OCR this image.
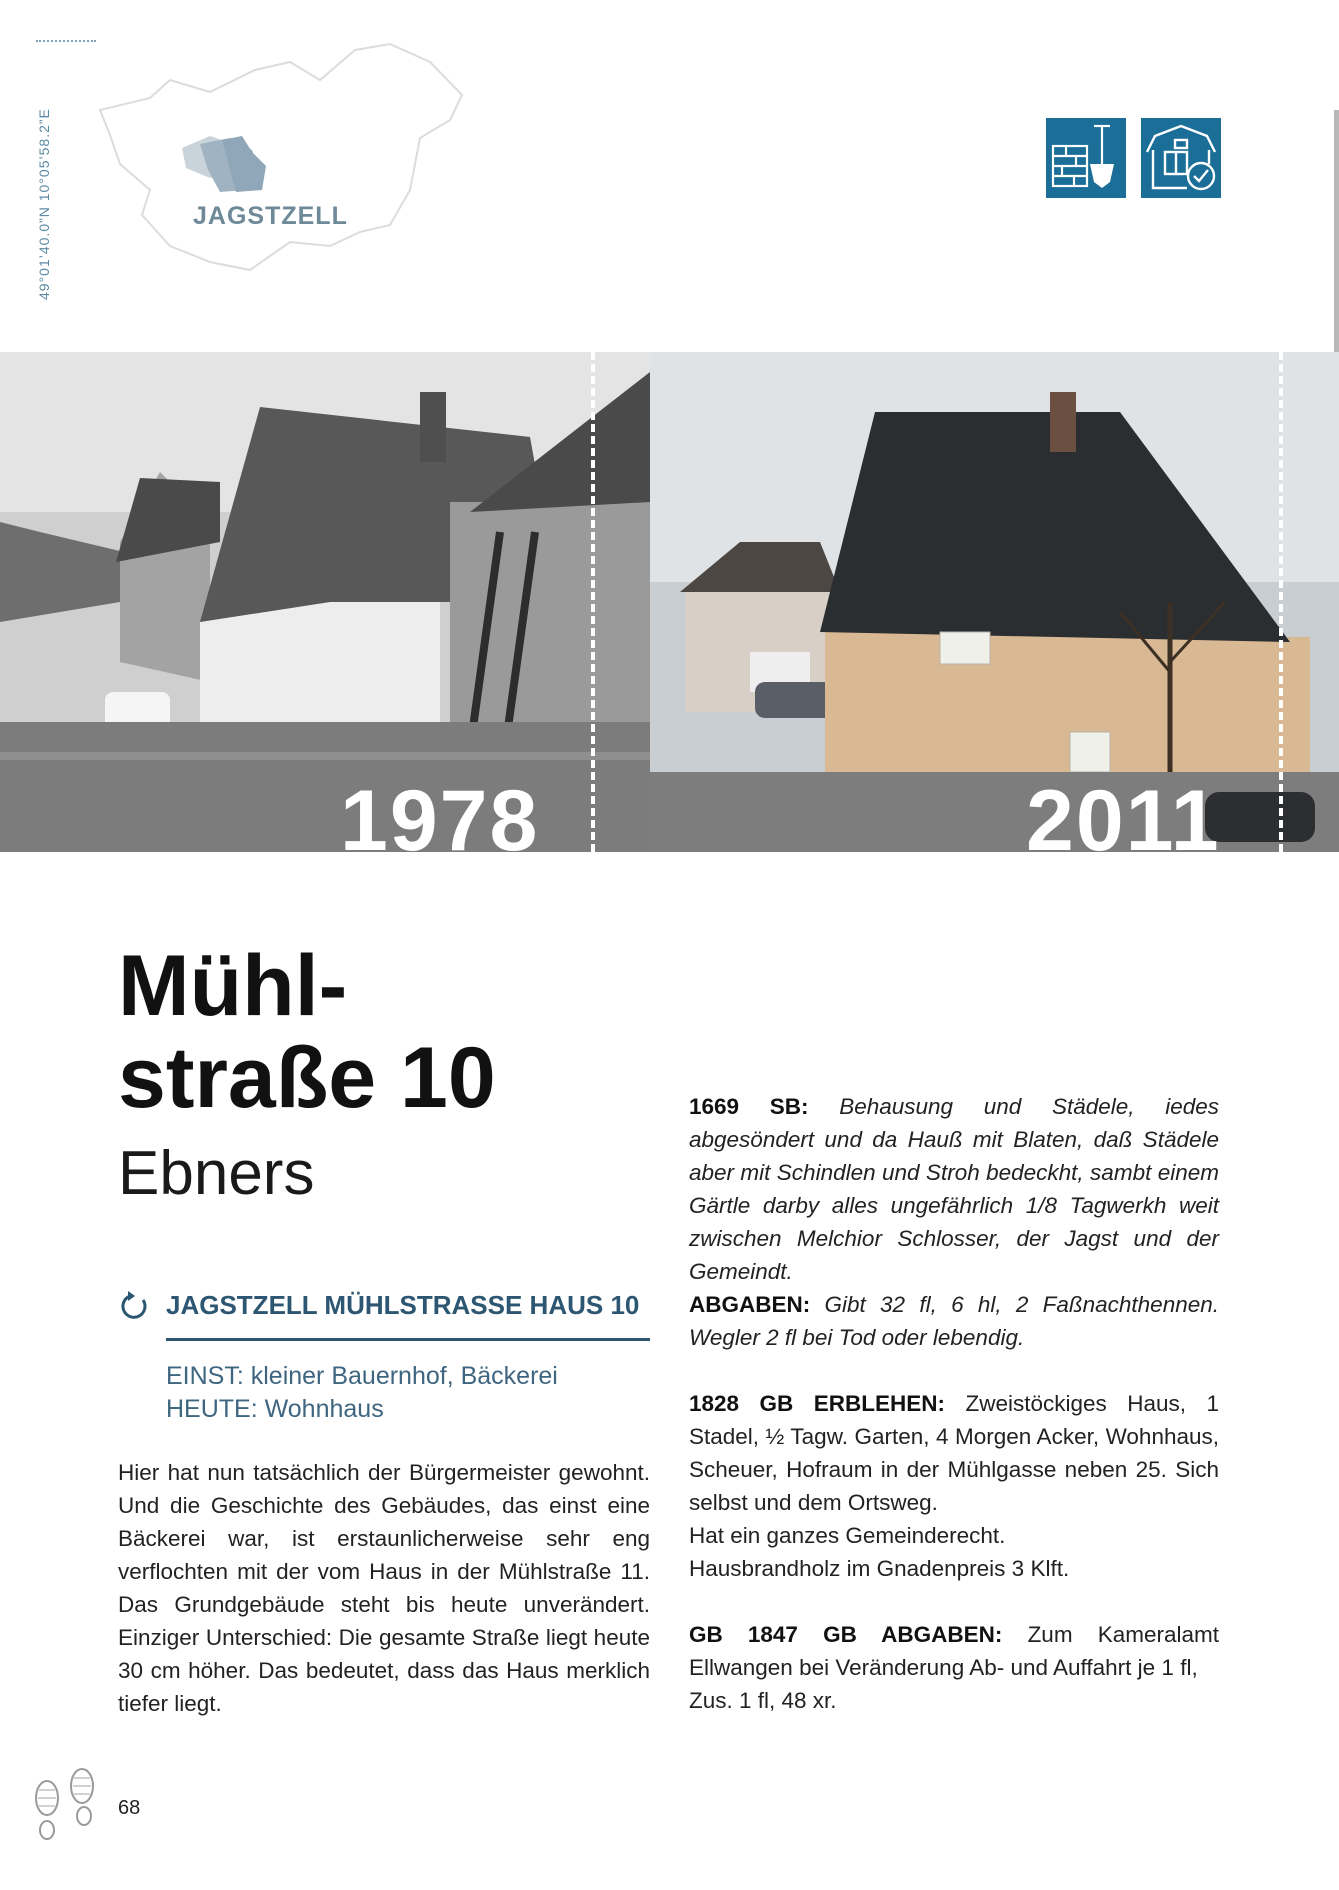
49°01’40.0”N 10°05’58.2”E	JAGSTZELL
1978	2011
Mühl-
straße 10
Ebners
JAGSTZELL MÜHLSTRASSE HAUS 10
EINST: kleiner Bauernhof, Bäckerei
HEUTE: Wohnhaus
Hier hat nun tatsächlich der Bürgermeister gewohnt. Und die Geschichte des Gebäudes, das einst eine Bäckerei war, ist erstaunlicherweise sehr eng verflochten mit der vom Haus in der Mühlstraße 11. Das Grundgebäude steht bis heute unverändert. Einziger Unterschied: Die gesamte Straße liegt heute 30 cm höher. Das bedeutet, dass das Haus merklich tiefer liegt.

1669 SB: Behausung und Städele, iedes abgesöndert und da Hauß mit Blaten, daß Städele aber mit Schindlen und Stroh bedeckht, sambt einem Gärtle darby alles ungefährlich 1/8 Tagwerkh weit zwischen Melchior Schlosser, der Jagst und der Gemeindt.

ABGABEN: Gibt 32 fl, 6 hl, 2 Faßnachthennen. Wegler 2 fl bei Tod oder lebendig.

1828 GB ERBLEHEN: Zweistöckiges Haus, 1 Stadel, ½ Tagw. Garten, 4 Morgen Acker, Wohnhaus, Scheuer, Hofraum in der Mühlgasse neben 25. Sich selbst und dem Ortsweg.

Hat ein ganzes Gemeinderecht.

Hausbrandholz im Gnadenpreis 3 Klft.

GB 1847 GB ABGABEN: Zum Kameralamt Ellwangen bei Veränderung Ab- und Auffahrt je 1 fl,

Zus. 1 fl, 48 xr.

68
